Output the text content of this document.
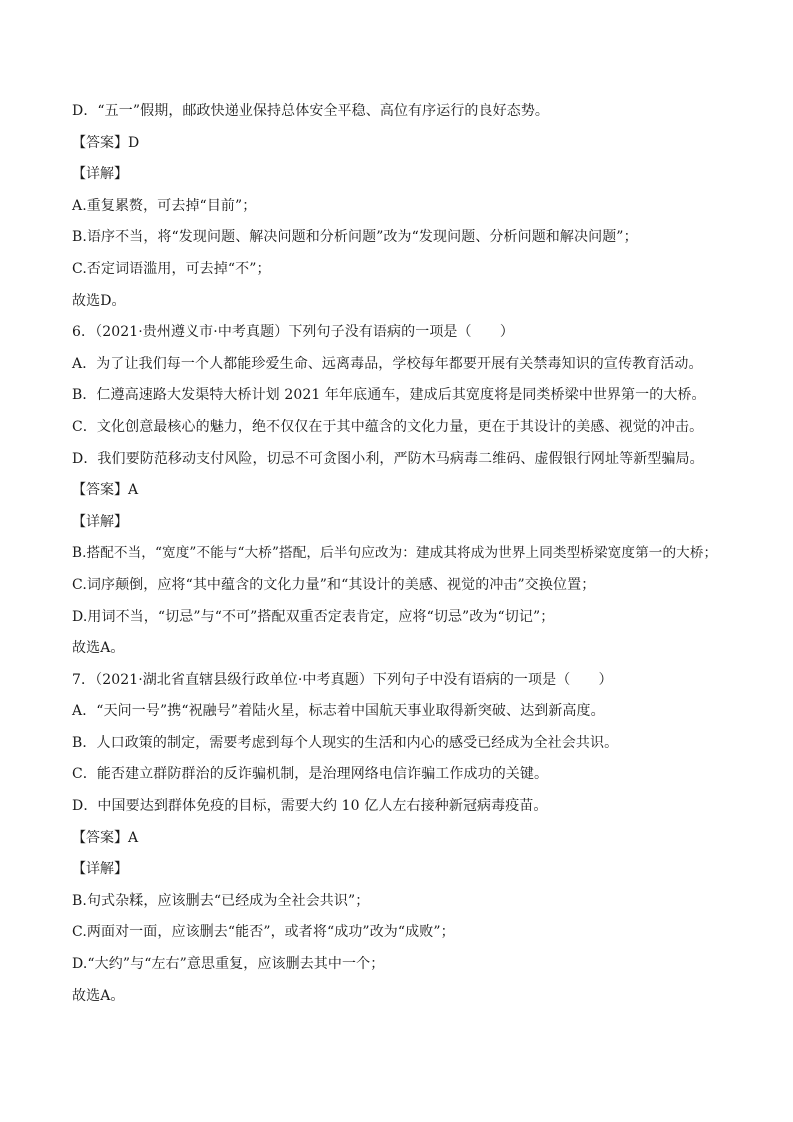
D．“五一”假期，邮政快递业保持总体安全平稳、高位有序运行的良好态势。
【答案】D
【详解】
A.重复累赘，可去掉“目前”；
B.语序不当，将“发现问题、解决问题和分析问题”改为“发现问题、分析问题和解决问题”；
C.否定词语滥用，可去掉“不”；
故选D。
6．（2021·贵州遵义市·中考真题）下列句子没有语病的一项是（　　）
A．为了让我们每一个人都能珍爱生命、远离毒品，学校每年都要开展有关禁毒知识的宣传教育活动。
B．仁遵高速路大发渠特大桥计划 2021 年年底通车，建成后其宽度将是同类桥梁中世界第一的大桥。
C．文化创意最核心的魅力，绝不仅仅在于其中蕴含的文化力量，更在于其设计的美感、视觉的冲击。
D．我们要防范移动支付风险，切忌不可贪图小利，严防木马病毒二维码、虚假银行网址等新型骗局。
【答案】A
【详解】
B.搭配不当，“宽度”不能与“大桥”搭配，后半句应改为：建成其将成为世界上同类型桥梁宽度第一的大桥；
C.词序颠倒，应将“其中蕴含的文化力量”和“其设计的美感、视觉的冲击”交换位置；
D.用词不当，“切忌”与“不可”搭配双重否定表肯定，应将“切忌”改为“切记”；
故选A。
7．（2021·湖北省直辖县级行政单位·中考真题）下列句子中没有语病的一项是（　　）
A．“天问一号”携“祝融号”着陆火星，标志着中国航天事业取得新突破、达到新高度。
B．人口政策的制定，需要考虑到每个人现实的生活和内心的感受已经成为全社会共识。
C．能否建立群防群治的反诈骗机制，是治理网络电信诈骗工作成功的关键。
D．中国要达到群体免疫的目标，需要大约 10 亿人左右接种新冠病毒疫苗。
【答案】A
【详解】
B.句式杂糅，应该删去“已经成为全社会共识”；
C.两面对一面，应该删去“能否”，或者将“成功”改为“成败”；
D.“大约”与“左右”意思重复，应该删去其中一个；
故选A。
